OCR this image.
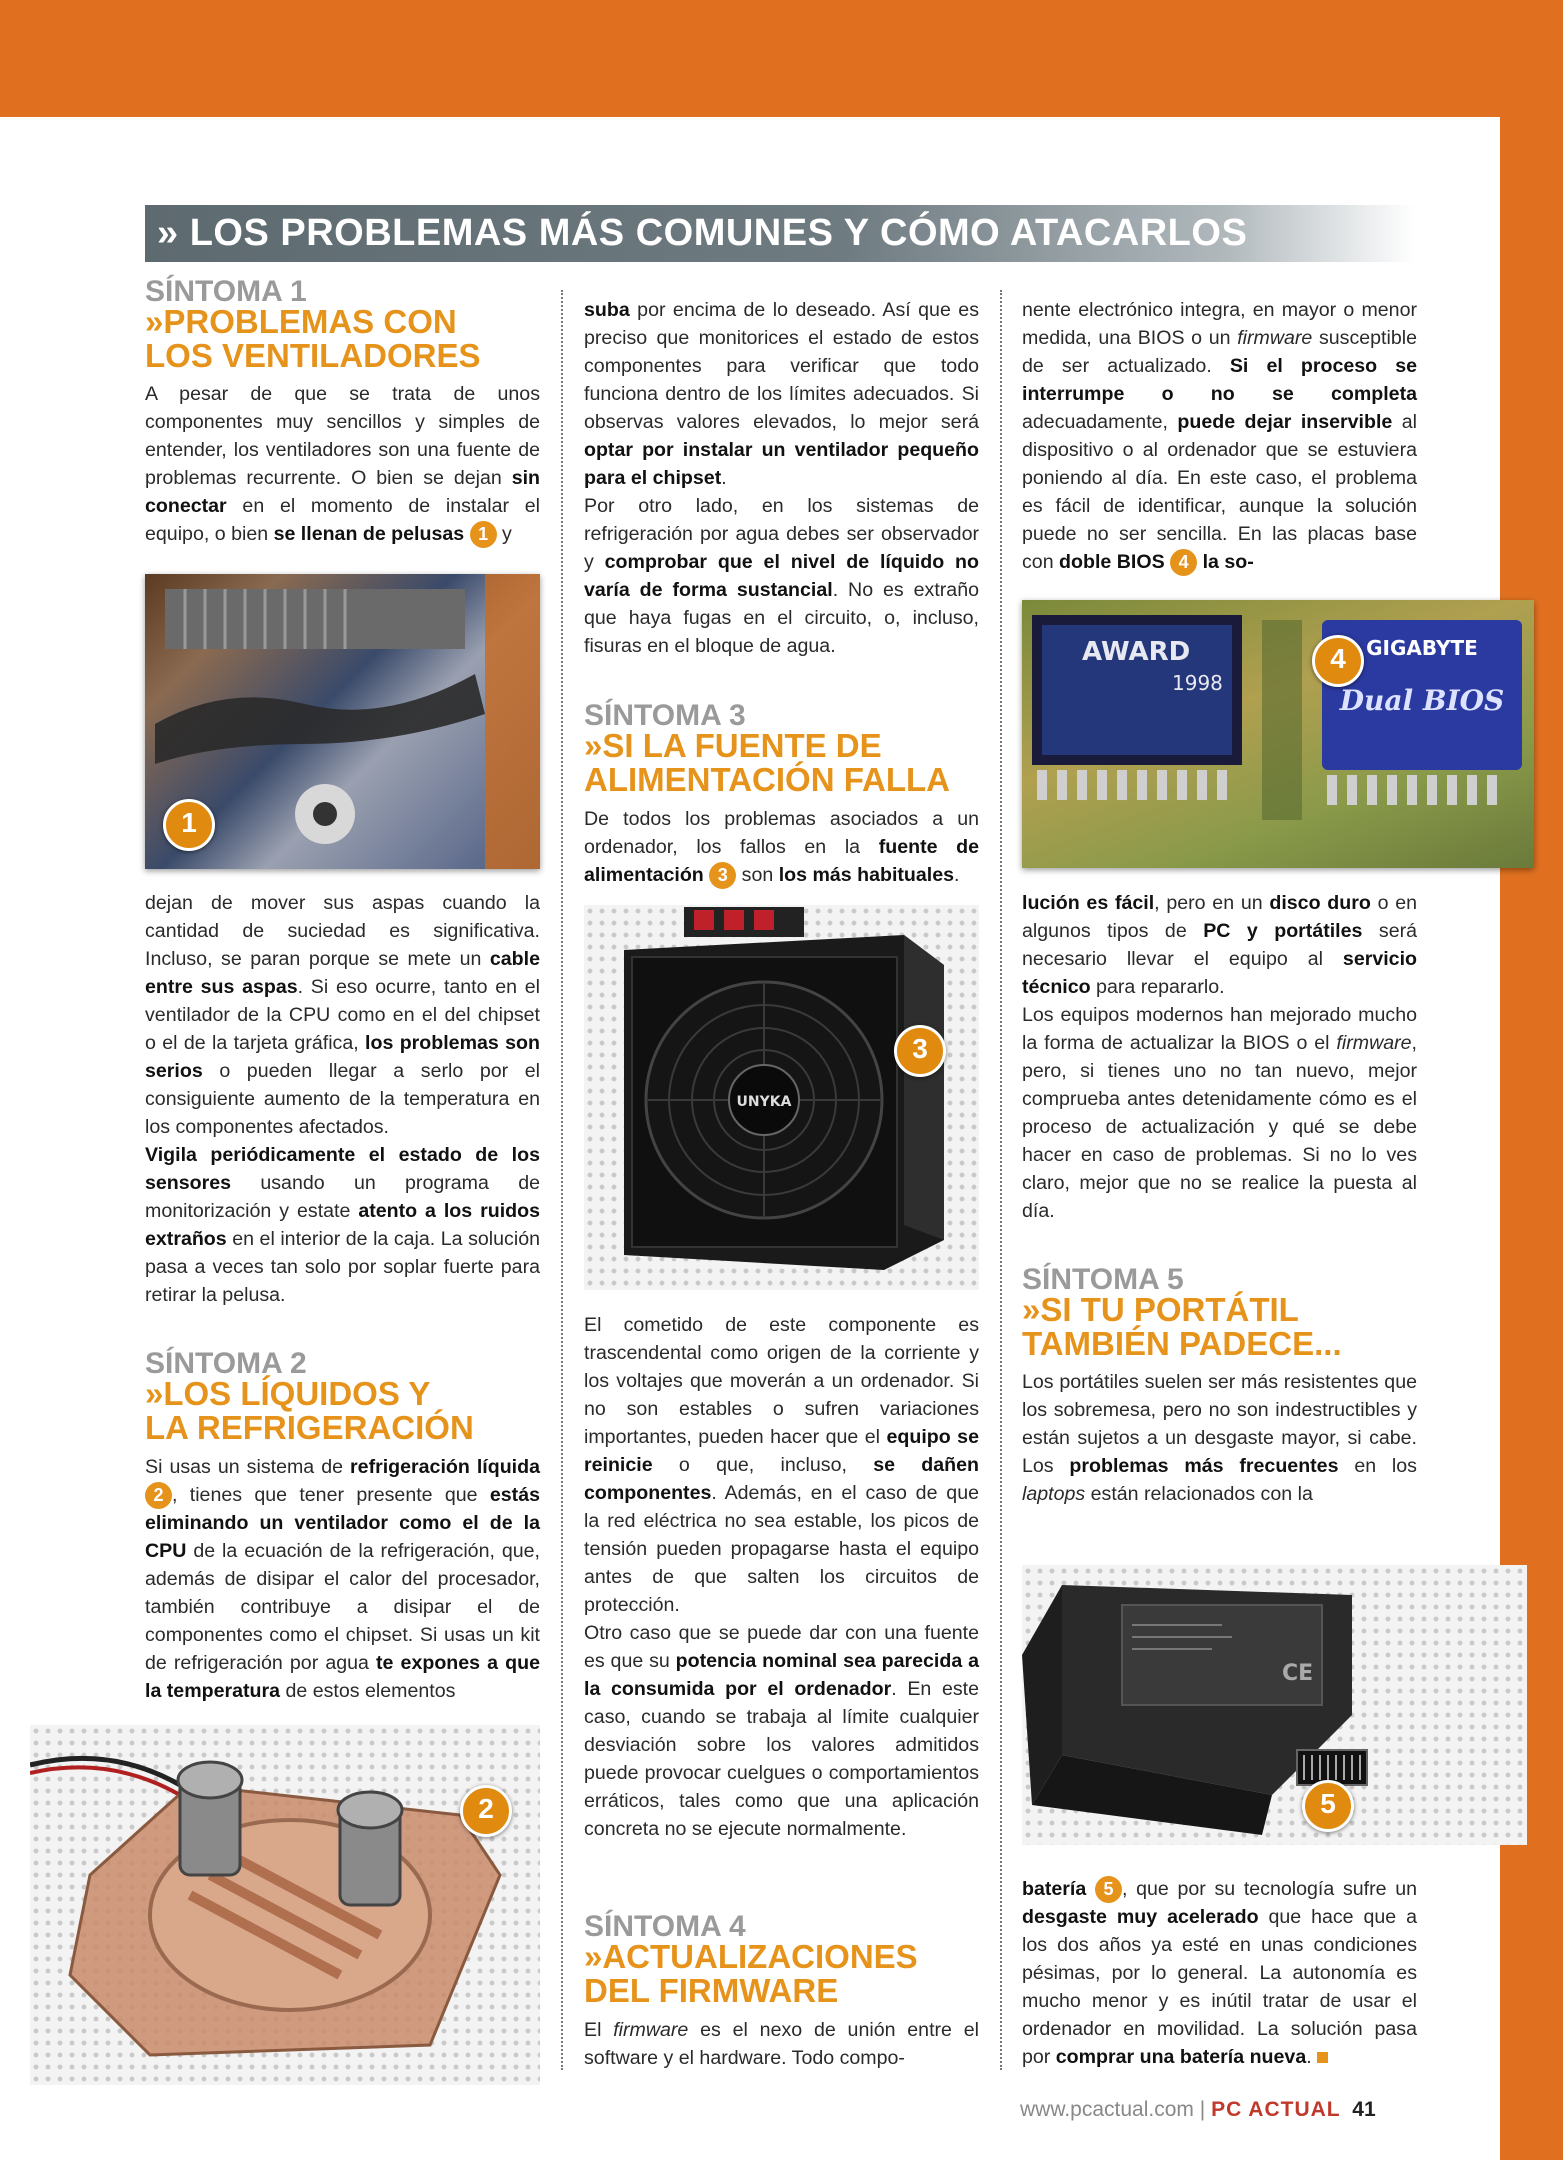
» LOS PROBLEMAS MÁS COMUNES Y CÓMO ATACARLOS
SÍNTOMA 1
»PROBLEMAS CON LOS VENTILADORES

A pesar de que se trata de unos componentes muy sencillos y simples de entender, los ventiladores son una fuente de problemas recurrente. O bien se dejan sin conectar en el momento de instalar el equipo, o bien se llenan de pelusas 1 y

1

dejan de mover sus aspas cuando la cantidad de suciedad es significativa. Incluso, se paran porque se mete un cable entre sus aspas. Si eso ocurre, tanto en el ventilador de la CPU como en el del chipset o el de la tarjeta gráfica, los problemas son serios o pueden llegar a serlo por el consiguiente aumento de la temperatura en los componentes afectados.

Vigila periódicamente el estado de los sensores usando un programa de monitorización y estate atento a los ruidos extraños en el interior de la caja. La solución pasa a veces tan solo por soplar fuerte para retirar la pelusa.

SÍNTOMA 2
»LOS LÍQUIDOS Y LA REFRIGERACIÓN

Si usas un sistema de refrigeración líquida 2 , tienes que tener presente que estás eliminando un ventilador como el de la CPU de la ecuación de la refrigeración, que, además de disipar el calor del procesador, también contribuye a disipar el de componentes como el chipset. Si usas un kit de refrigeración por agua te expones a que la temperatura de estos elementos

2

suba por encima de lo deseado. Así que es preciso que monitorices el estado de estos componentes para verificar que todo funciona dentro de los límites adecuados. Si observas valores elevados, lo mejor será optar por instalar un ventilador pequeño para el chipset.

Por otro lado, en los sistemas de refrigeración por agua debes ser observador y comprobar que el nivel de líquido no varía de forma sustancial. No es extraño que haya fugas en el circuito, o, incluso, fisuras en el bloque de agua.

SÍNTOMA 3
»SI LA FUENTE DE ALIMENTACIÓN FALLA

De todos los problemas asociados a un ordenador, los fallos en la fuente de alimentación 3 son los más habituales.

UNYKA
3

El cometido de este componente es trascendental como origen de la corriente y los voltajes que moverán a un ordenador. Si no son estables o sufren variaciones importantes, pueden hacer que el equipo se reinicie o que, incluso, se dañen componentes. Además, en el caso de que la red eléctrica no sea estable, los picos de tensión pueden propagarse hasta el equipo antes de que salten los circuitos de protección.

Otro caso que se puede dar con una fuente es que su potencia nominal sea parecida a la consumida por el ordenador. En este caso, cuando se trabaja al límite cualquier desviación sobre los valores admitidos puede provocar cuelgues o comportamientos erráticos, tales como que una aplicación concreta no se ejecute normalmente.

SÍNTOMA 4
»ACTUALIZACIONES DEL FIRMWARE

El firmware es el nexo de unión entre el software y el hardware. Todo compo-

nente electrónico integra, en mayor o menor medida, una BIOS o un firmware susceptible de ser actualizado. Si el proceso se interrumpe o no se completa adecuadamente, puede dejar inservible al dispositivo o al ordenador que se estuviera poniendo al día. En este caso, el problema es fácil de identificar, aunque la solución puede no ser sencilla. En las placas base con doble BIOS 4 la so-

AWARD
1998
GIGABYTE
Dual BIOS
4

lución es fácil, pero en un disco duro o en algunos tipos de PC y portátiles será necesario llevar el equipo al servicio técnico para repararlo.

Los equipos modernos han mejorado mucho la forma de actualizar la BIOS o el firmware, pero, si tienes uno no tan nuevo, mejor comprueba antes detenidamente cómo es el proceso de actualización y qué se debe hacer en caso de problemas. Si no lo ves claro, mejor que no se realice la puesta al día.

SÍNTOMA 5
»SI TU PORTÁTIL TAMBIÉN PADECE...

Los portátiles suelen ser más resistentes que los sobremesa, pero no son indestructibles y están sujetos a un desgaste mayor, si cabe. Los problemas más frecuentes en los laptops están relacionados con la

CE
5

batería 5 , que por su tecnología sufre un desgaste muy acelerado que hace que a los dos años ya esté en unas condiciones pésimas, por lo general. La autonomía es mucho menor y es inútil tratar de usar el ordenador en movilidad. La solución pasa por comprar una batería nueva.

www.pcactual.com | PC ACTUAL 41
